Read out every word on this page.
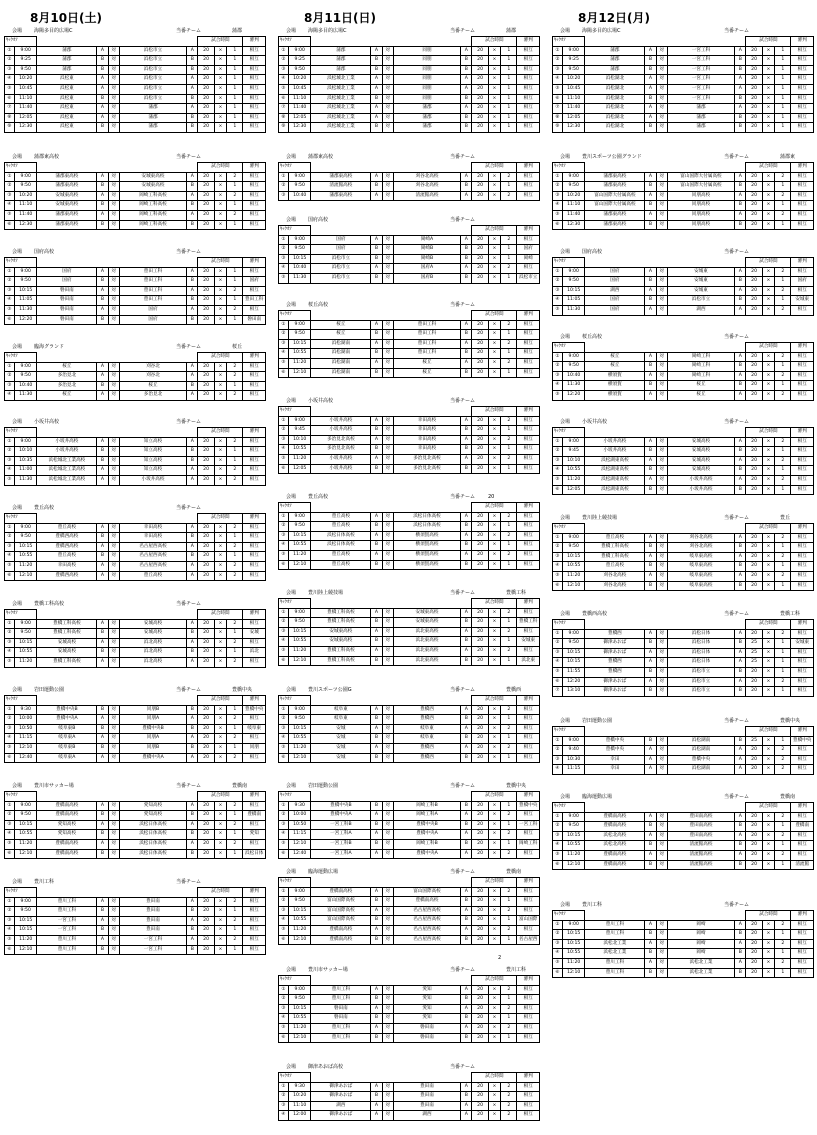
8月10日(土)
会場 海陽多目的広場C	当番チーム	蒲郡
ｷｯｸｵﾌ							試合時間			審判
①	9:00	蒲郡	A	対	浜松市立	A	20	×	1	相互
②	9:25	蒲郡	B	対	浜松市立	B	20	×	1	相互
③	9:50	蒲郡	B	対	浜松市立	B	20	×	1	相互
④	10:20	浜松東	A	対	浜松市立	A	20	×	1	相互
⑤	10:45	浜松東	A	対	浜松市立	A	20	×	1	相互
⑥	11:10	浜松東	B	対	浜松市立	B	20	×	1	相互
⑦	11:40	浜松東	A	対	蒲郡	A	20	×	1	相互
⑧	12:05	浜松東	A	対	蒲郡	B	20	×	1	相互
⑨	12:30	浜松東	B	対	蒲郡	B	20	×	1	相互
会場 蒲郡東高校	当番チーム
ｷｯｸｵﾌ							試合時間			審判
①	9:00	蒲郡東高校	A	対	安城東高校	A	20	×	2	相互
②	9:50	蒲郡東高校	B	対	安城東高校	B	20	×	1	相互
③	10:20	安城東高校	A	対	岡崎工科高校	A	20	×	2	相互
④	11:10	安城東高校	B	対	岡崎工科高校	B	20	×	1	相互
⑤	11:40	蒲郡東高校	A	対	岡崎工科高校	A	20	×	2	相互
⑥	12:30	蒲郡東高校	B	対	岡崎工科高校	B	20	×	1	相互
会場 国府高校	当番チーム
ｷｯｸｵﾌ							試合時間			審判
①	9:00	国府	A	対	豊田工科	A	20	×	1	相互
②	9:50	国府	B	対	豊田工科	B	20	×	1	国府
③	10:15	磐田南	A	対	豊田工科	A	20	×	2	相互
④	11:05	磐田南	B	対	豊田工科	B	20	×	1	豊田工科
⑤	11:30	磐田南	A	対	国府	A	20	×	2	相互
⑥	12:20	磐田南	B	対	国府	B	20	×	1	磐田南
会場 臨海グランド	当番チーム	桜丘
ｷｯｸｵﾌ							試合時間			審判
①	9:00	桜丘	A	対	刈谷北	A	20	×	2	相互
②	9:50	多治見北	A	対	刈谷北	A	20	×	2	相互
③	10:40	多治見北	B	対	桜丘	B	20	×	1	相互
④	11:30	桜丘	A	対	多治見北	A	20	×	2	相互
会場 小坂井高校	当番チーム
ｷｯｸｵﾌ							試合時間			審判
①	9:00	小坂井高校	A	対	知立高校	A	20	×	2	相互
②	10:10	小坂井高校	B	対	知立高校	B	20	×	1	相互
③	10:35	浜松城北工業高校	B	対	知立高校	B	20	×	1	相互
④	11:00	浜松城北工業高校	A	対	知立高校	A	20	×	2	相互
⑤	11:30	浜松城北工業高校	A	対	小坂井高校	A	20	×	2	相互
会場 豊丘高校	当番チーム
ｷｯｸｵﾌ							試合時間			審判
①	9:00	豊丘高校	A	対	幸田高校	A	20	×	2	相互
②	9:50	豊橋西高校	B	対	幸田高校	B	20	×	1	相互
③	10:15	豊橋西高校	A	対	名古屋西高校	A	20	×	2	相互
④	10:55	豊丘高校	B	対	名古屋西高校	B	20	×	1	相互
⑤	11:20	幸田高校	A	対	名古屋西高校	A	20	×	2	相互
⑥	12:10	豊橋西高校	A	対	豊丘高校	A	20	×	2	相互
会場 豊橋工科高校	当番チーム
ｷｯｸｵﾌ							試合時間			審判
①	9:00	豊橋工科高校	A	対	安城高校	A	20	×	2	相互
②	9:50	豊橋工科高校	B	対	安城高校	B	20	×	1	安城
③	10:15	安城高校	A	対	浜北高校	A	20	×	2	相互
④	10:55	安城高校	B	対	浜北高校	B	20	×	1	浜北
⑤	11:20	豊橋工科高校	A	対	浜北高校	A	20	×	2	相互
会場 岩田運動公園	当番チーム	豊橋中央
ｷｯｸｵﾌ							試合時間			審判
①	9:30	豊橋中央B	B	対	同朋B	B	20	×	1	豊橋中央
②	10:00	豊橋中央A	A	対	同朋A	A	20	×	2	相互
③	10:50	岐阜東B	B	対	豊橋中央B	B	20	×	1	岐阜東
④	11:15	岐阜東A	A	対	同朋A	A	20	×	2	相互
⑤	12:10	岐阜東B	B	対	同朋B	B	20	×	1	同朋
⑥	12:40	岐阜東A	A	対	豊橋中央A	A	20	×	2	相互
会場 豊川市サッカー場	当番チーム	豊橋南
ｷｯｸｵﾌ							試合時間			審判
①	9:00	豊橋南高校	A	対	愛知高校	A	20	×	2	相互
②	9:50	豊橋南高校	B	対	愛知高校	B	20	×	1	豊橋南
③	10:15	愛知高校	A	対	浜松日体高校	A	20	×	2	相互
④	10:55	愛知高校	B	対	浜松日体高校	B	20	×	1	愛知
⑤	11:20	豊橋南高校	A	対	浜松日体高校	A	20	×	2	相互
⑥	12:10	豊橋南高校	B	対	浜松日体高校	B	20	×	1	浜松日体
会場 豊川工科	当番チーム
ｷｯｸｵﾌ							試合時間			審判
①	9:00	豊川工科	A	対	豊田南	A	20	×	2	相互
②	9:50	豊川工科	B	対	豊田南	B	20	×	1	相互
③	10:15	一宮工科	A	対	豊田南	A	20	×	2	相互
④	10:15	一宮工科	B	対	豊田南	B	20	×	1	相互
⑤	11:20	豊川工科	A	対	一宮工科	A	20	×	2	相互
⑥	12:10	豊川工科	B	対	一宮工科	B	20	×	1	相互
8月11日(日)
会場 海陽多目的広場C	当番チーム	蒲郡
ｷｯｸｵﾌ							試合時間			審判
①	9:00	蒲郡	A	対	同朋	A	20	×	1	相互
②	9:25	蒲郡	B	対	同朋	B	20	×	1	相互
③	9:50	蒲郡	B	対	同朋	B	20	×	1	相互
④	10:20	浜松城北工業	A	対	同朋	A	20	×	1	相互
⑤	10:45	浜松城北工業	A	対	同朋	A	20	×	1	相互
⑥	11:10	浜松城北工業	B	対	同朋	B	20	×	1	相互
⑦	11:40	浜松城北工業	A	対	蒲郡	A	20	×	1	相互
⑧	12:05	浜松城北工業	A	対	蒲郡	B	20	×	1	相互
⑨	12:30	浜松城北工業	B	対	蒲郡	B	20	×	1	相互
会場 蒲郡東高校	当番チーム
ｷｯｸｵﾌ							試合時間			審判
①	9:00	蒲郡東高校	A	対	刈谷北高校	A	20	×	2	相互
②	9:50	清流館高校	B	対	刈谷北高校	B	20	×	1	相互
③	10:40	蒲郡東高校	A	対	清流館高校	A	20	×	2	相互
会場 国府高校	当番チーム
ｷｯｸｵﾌ							試合時間			審判
①	9:00	国府	A	対	岡崎A	A	20	×	2	相互
②	9:50	国府	B	対	岡崎B	B	20	×	1	国府
③	10:15	浜松市立	B	対	岡崎B	B	20	×	1	岡崎
④	10:40	浜松市立	A	対	国府A	A	20	×	2	相互
⑤	11:30	浜松市立	B	対	国府B	B	20	×	1	浜松市立
会場 桜丘高校	当番チーム
ｷｯｸｵﾌ							試合時間			審判
①	9:00	桜丘	A	対	豊田工科	A	20	×	2	相互
②	9:50	桜丘	B	対	豊田工科	B	20	×	1	相互
③	10:15	浜松湖南	A	対	豊田工科	A	20	×	2	相互
④	10:55	浜松湖南	B	対	豊田工科	B	20	×	1	相互
⑤	11:20	浜松湖南	A	対	桜丘	A	20	×	2	相互
⑥	12:10	浜松湖南	B	対	桜丘	B	20	×	1	相互
会場 小坂井高校	当番チーム
ｷｯｸｵﾌ							試合時間			審判
①	9:00	小坂井高校	A	対	幸田高校	A	20	×	2	相互
②	9:45	小坂井高校	B	対	幸田高校	B	20	×	1	相互
③	10:10	多治見北高校	A	対	幸田高校	A	20	×	2	相互
④	10:55	多治見北高校	B	対	幸田高校	B	20	×	1	相互
⑤	11:20	小坂井高校	A	対	多治見北高校	A	20	×	2	相互
⑥	12:05	小坂井高校	B	対	多治見北高校	B	20	×	1	相互
会場 豊丘高校	当番チーム
ｷｯｸｵﾌ							試合時間			審判
①	9:00	豊丘高校	A	対	浜松日体高校	A	20	×	2	相互
②	9:50	豊丘高校	B	対	浜松日体高校	B	20	×	1	相互
③	10:15	浜松日体高校	A	対	横須賀高校	A	20	×	2	相互
④	10:55	浜松日体高校	B	対	横須賀高校	B	20	×	1	相互
⑤	11:20	豊丘高校	A	対	横須賀高校	A	20	×	2	相互
⑥	12:10	豊丘高校	B	対	横須賀高校	B	20	×	1	相互
会場 豊川陸上競技場	当番チーム	豊橋工科
ｷｯｸｵﾌ							試合時間			審判
①	9:00	豊橋工科高校	A	対	安城東高校	A	20	×	2	相互
②	9:50	豊橋工科高校	B	対	安城東高校	B	20	×	1	豊橋工科
③	10:15	安城東高校	A	対	浜北東高校	A	20	×	2	相互
④	10:55	安城東高校	B	対	浜北東高校	B	20	×	1	安城東
⑤	11:20	豊橋工科高校	A	対	浜北東高校	A	20	×	2	相互
⑥	12:10	豊橋工科高校	B	対	浜北東高校	B	20	×	1	浜北東
会場 豊川スポーツ公園G	当番チーム	豊橋西
ｷｯｸｵﾌ							試合時間			審判
①	9:00	岐阜東	A	対	豊橋西	A	20	×	2	相互
②	9:50	岐阜東	B	対	豊橋西	B	20	×	1	相互
③	10:15	安城	A	対	岐阜東	A	20	×	2	相互
④	10:55	安城	B	対	岐阜東	B	20	×	1	相互
⑤	11:20	安城	A	対	豊橋西	A	20	×	2	相互
⑥	12:10	安城	B	対	豊橋西	B	20	×	1	相互
会場 岩田運動公園	当番チーム	豊橋中央
ｷｯｸｵﾌ							試合時間			審判
①	9:30	豊橋中央B	B	対	岡崎工科B	B	20	×	1	豊橋中央
②	10:00	豊橋中央A	A	対	岡崎工科A	A	20	×	2	相互
③	10:50	一宮工科B	B	対	豊橋中央B	B	20	×	1	一宮工科
④	11:15	一宮工科A	A	対	豊橋中央A	A	20	×	2	相互
⑤	12:10	一宮工科B	B	対	岡崎工科B	B	20	×	1	岡崎工科
⑥	12:40	一宮工科A	A	対	豊橋中央A	A	20	×	2	相互
会場 臨海運動広場	当番チーム	豊橋南
ｷｯｸｵﾌ							試合時間			審判
①	9:00	豊橋南高校	A	対	富山国際高校	A	20	×	2	相互
②	9:50	富山国際高校	B	対	豊橋南高校	B	20	×	1	相互
③	10:15	富山国際高校	A	対	名古屋西高校	A	20	×	2	相互
④	10:55	富山国際高校	B	対	名古屋西高校	B	20	×	1	富山国際
⑤	11:20	豊橋南高校	A	対	名古屋西高校	A	20	×	2	相互
⑥	12:10	豊橋南高校	B	対	名古屋西高校	B	20	×	1	名古屋西
会場 豊川市サッカー場	当番チーム	豊川工科
ｷｯｸｵﾌ							試合時間			審判
①	9:00	豊川工科	A	対	愛知	A	20	×	2	相互
②	9:50	豊川工科	B	対	愛知	B	20	×	1	相互
③	10:15	磐田南	A	対	愛知	A	20	×	2	相互
④	10:55	磐田南	B	対	愛知	B	20	×	1	相互
⑤	11:20	豊川工科	A	対	磐田南	A	20	×	2	相互
⑥	12:10	豊川工科	B	対	磐田南	B	20	×	1	相互
会場 御津あおば高校	当番チーム
ｷｯｸｵﾌ							試合時間			審判
①	9:30	御津あおば	A	対	豊田南	A	20	×	2	相互
②	10:20	御津あおば	B	対	豊田南	B	20	×	2	相互
③	11:10	湖西	A	対	豊田南	A	20	×	2	相互
④	12:00	御津あおば	A	対	湖西	A	20	×	2	相互
8月12日(月)
会場 海陽多目的広場C	当番チーム
ｷｯｸｵﾌ							試合時間			審判
①	9:00	蒲郡	A	対	一宮工科	A	20	×	1	相互
②	9:25	蒲郡	B	対	一宮工科	B	20	×	1	相互
③	9:50	蒲郡	B	対	一宮工科	B	20	×	1	相互
④	10:20	浜松湖北	A	対	一宮工科	A	20	×	1	相互
⑤	10:45	浜松湖北	A	対	一宮工科	A	20	×	1	相互
⑥	11:10	浜松湖北	B	対	一宮工科	B	20	×	1	相互
⑦	11:40	浜松湖北	A	対	蒲郡	A	20	×	1	相互
⑧	12:05	浜松湖北	A	対	蒲郡	B	20	×	1	相互
⑨	12:30	浜松湖北	B	対	蒲郡	B	20	×	1	相互
会場 豊川スポーツ公園グランド	当番チーム	蒲郡東
ｷｯｸｵﾌ							試合時間			審判
①	9:00	蒲郡東高校	A	対	富山国際大付属高校	A	20	×	2	相互
②	9:50	蒲郡東高校	B	対	富山国際大付属高校	B	20	×	1	相互
③	10:20	富山国際大付属高校	A	対	同朋高校	A	20	×	2	相互
④	11:10	富山国際大付属高校	B	対	同朋高校	B	20	×	1	相互
⑤	11:40	蒲郡東高校	A	対	同朋高校	A	20	×	2	相互
⑥	12:30	蒲郡東高校	B	対	同朋高校	B	20	×	1	相互
会場 国府高校	当番チーム
ｷｯｸｵﾌ							試合時間			審判
①	9:00	国府	A	対	安城東	A	20	×	2	相互
②	9:50	国府	B	対	安城東	B	20	×	1	国府
③	10:15	湖西	A	対	安城東	A	20	×	2	相互
④	11:05	国府	B	対	浜松市立	B	20	×	1	安城東
⑤	11:30	国府	A	対	湖西	A	20	×	2	相互
会場 桜丘高校	当番チーム
ｷｯｸｵﾌ							試合時間			審判
①	9:00	桜丘	A	対	岡崎工科	A	20	×	2	相互
②	9:50	桜丘	B	対	岡崎工科	B	20	×	1	相互
③	10:40	横須賀	A	対	岡崎工科	A	20	×	2	相互
④	11:30	横須賀	B	対	桜丘	B	20	×	1	相互
⑤	12:20	横須賀	A	対	桜丘	A	20	×	2	相互
会場 小坂井高校	当番チーム
ｷｯｸｵﾌ							試合時間			審判
①	9:00	小坂井高校	A	対	安城高校	A	20	×	2	相互
②	9:45	小坂井高校	B	対	安城高校	B	20	×	1	相互
③	10:10	浜松湖東高校	A	対	安城高校	A	20	×	2	相互
④	10:55	浜松湖東高校	B	対	安城高校	B	20	×	1	相互
⑤	11:20	浜松湖東高校	A	対	小坂井高校	A	20	×	2	相互
⑥	12:05	浜松湖東高校	B	対	小坂井高校	B	20	×	1	相互
会場 豊川陸上競技場	当番チーム	豊丘
ｷｯｸｵﾌ							試合時間			審判
①	9:00	豊丘高校	A	対	刈谷北高校	A	20	×	2	相互
②	9:50	豊橋工科高校	B	対	刈谷北高校	B	20	×	1	相互
③	10:15	豊橋工科高校	A	対	岐阜東高校	A	20	×	2	相互
④	10:55	豊丘高校	B	対	岐阜東高校	B	20	×	1	相互
⑤	11:20	刈谷北高校	A	対	岐阜東高校	A	20	×	2	相互
⑥	12:10	刈谷北高校	B	対	岐阜東高校	B	20	×	1	相互
会場 豊橋西高校	当番チーム	豊橋工科
ｷｯｸｵﾌ							試合時間			審判
①	9:00	豊橋西	A	対	浜松日体	A	20	×	2	相互
②	9:50	御津あおば	B	対	浜松日体	B	25	×	1	安城東
③	10:15	御津あおば	A	対	浜松日体	A	25	×	1	相互
④	10:15	豊橋西	A	対	浜松日体	A	25	×	1	相互
⑤	11:55	豊橋西	B	対	浜松市立	B	20	×	1	相互
⑥	12:20	御津あおば	A	対	浜松市立	A	20	×	2	相互
⑦	13:10	御津あおば	B	対	浜松市立	B	20	×	1	相互
会場 岩田運動公園	当番チーム	豊橋中央
ｷｯｸｵﾌ							試合時間			審判
①	9:00	豊橋中央	B	対	浜松湖南	B	25	×	1	豊橋中央
②	9:40	豊橋中央	A	対	浜松湖南	A	20	×	2	相互
③	10:30	幸田	A	対	豊橋中央	A	20	×	2	相互
④	11:15	幸田	A	対	浜松湖南	A	20	×	2	相互
会場 臨海運動広場	当番チーム	豊橋南
ｷｯｸｵﾌ							試合時間			審判
①	9:00	豊橋南高校	A	対	豊田南高校	A	20	×	2	相互
②	9:50	豊橋南高校	B	対	豊田南高校	B	20	×	1	豊橋南
③	10:15	浜松北高校	A	対	豊田南高校	A	20	×	2	相互
④	10:55	浜松北高校	B	対	清流館高校	B	20	×	1	相互
⑤	11:20	豊橋南高校	A	対	清流館高校	A	20	×	2	相互
⑥	12:10	豊橋南高校	B	対	清流館高校	B	20	×	1	清流館
会場 豊川工科	当番チーム
ｷｯｸｵﾌ							試合時間			審判
①	9:00	豊川工科	A	対	岡崎	A	20	×	2	相互
②	10:15	豊川工科	B	対	岡崎	B	20	×	1	相互
③	10:15	浜松北工業	A	対	岡崎	A	20	×	2	相互
④	10:55	浜松北工業	B	対	岡崎	B	20	×	1	相互
⑤	11:20	豊川工科	A	対	浜松北工業	A	20	×	2	相互
⑥	12:10	豊川工科	B	対	浜松北工業	B	20	×	1	相互
20
2
